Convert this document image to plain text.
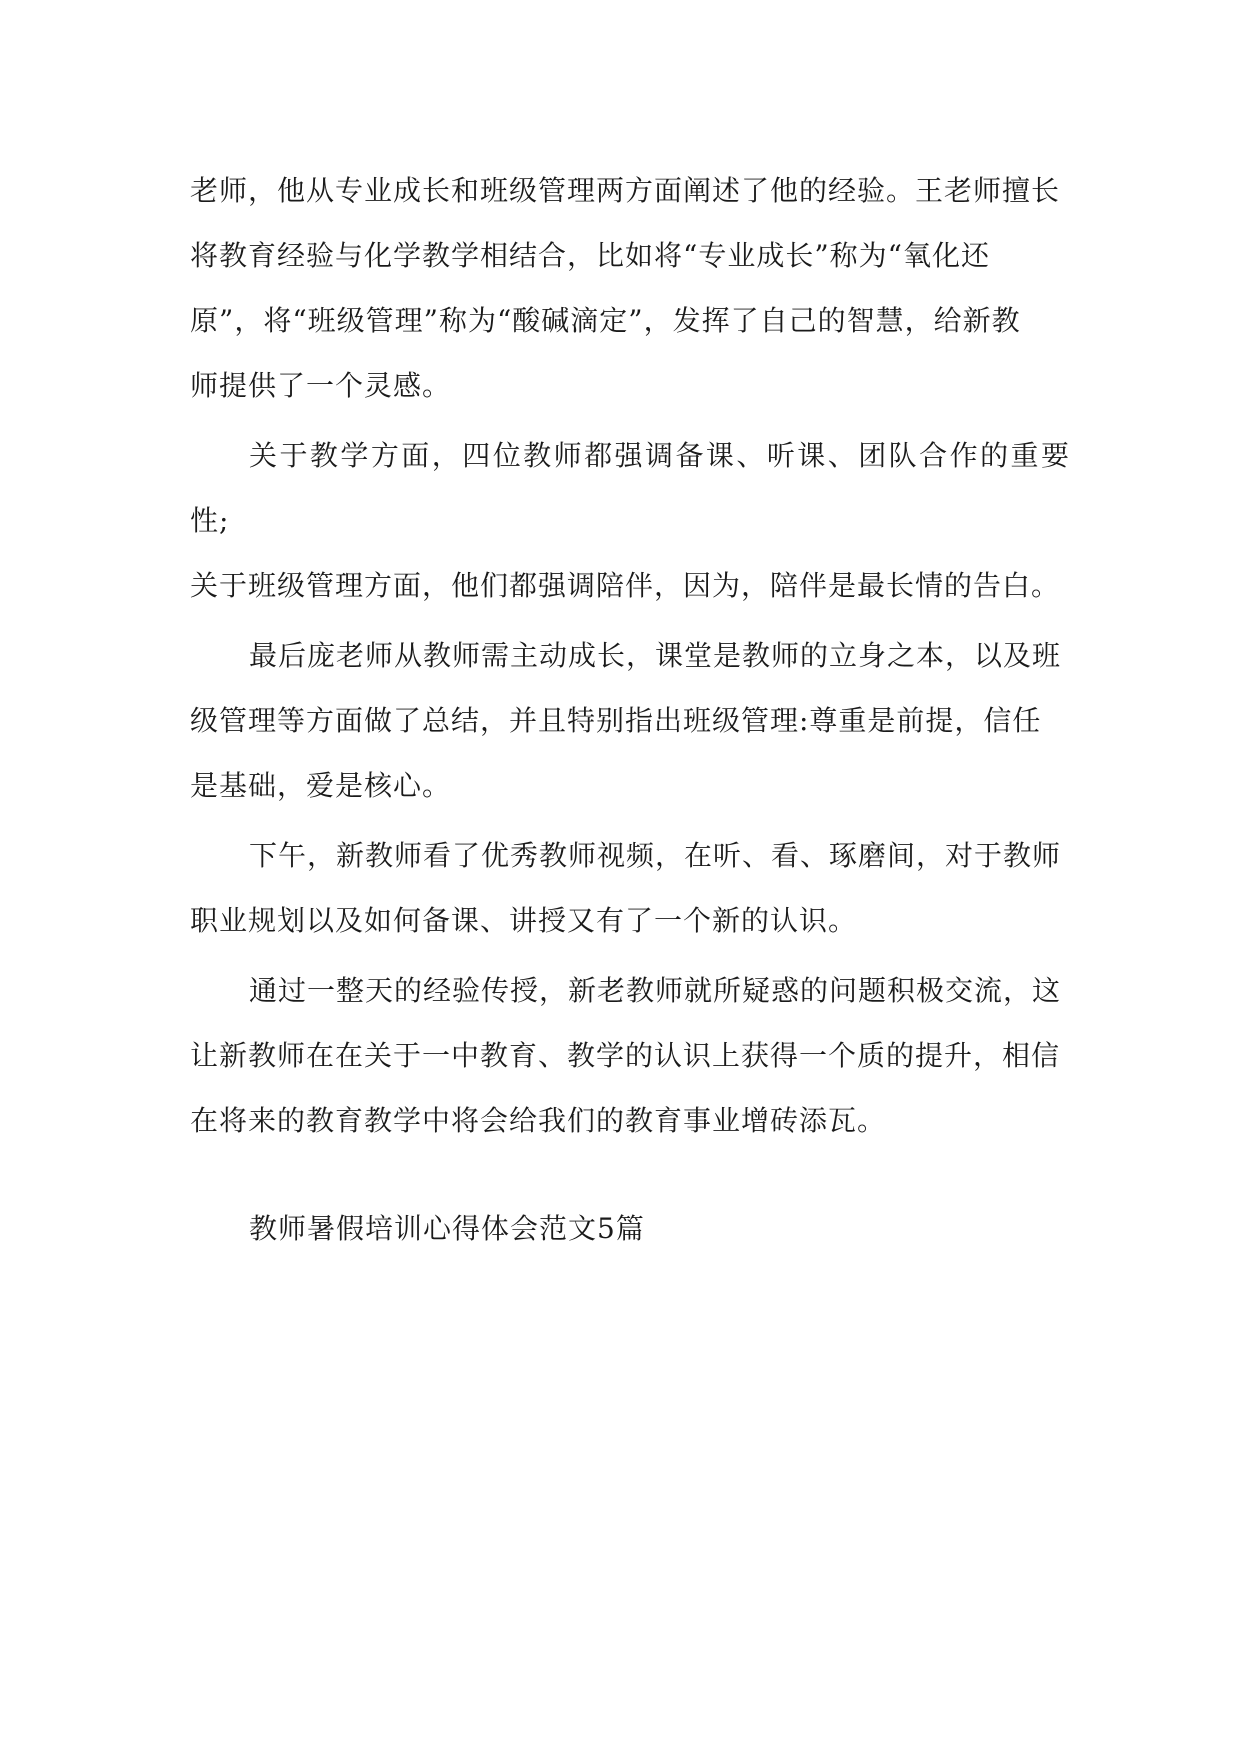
老师，他从专业成长和班级管理两方面阐述了他的经验。王老师擅长
将教育经验与化学教学相结合，比如将“专业成长”称为“氧化还
原”，将“班级管理”称为“酸碱滴定”，发挥了自己的智慧，给新教
师提供了一个灵感。

关于教学方面，四位教师都强调备课、听课、团队合作的重要性;
关于班级管理方面，他们都强调陪伴，因为，陪伴是最长情的告白。

最后庞老师从教师需主动成长，课堂是教师的立身之本，以及班
级管理等方面做了总结，并且特别指出班级管理:尊重是前提，信任
是基础，爱是核心。

下午，新教师看了优秀教师视频，在听、看、琢磨间，对于教师
职业规划以及如何备课、讲授又有了一个新的认识。

通过一整天的经验传授，新老教师就所疑惑的问题积极交流，这
让新教师在在关于一中教育、教学的认识上获得一个质的提升，相信
在将来的教育教学中将会给我们的教育事业增砖添瓦。

教师暑假培训心得体会范文5篇
